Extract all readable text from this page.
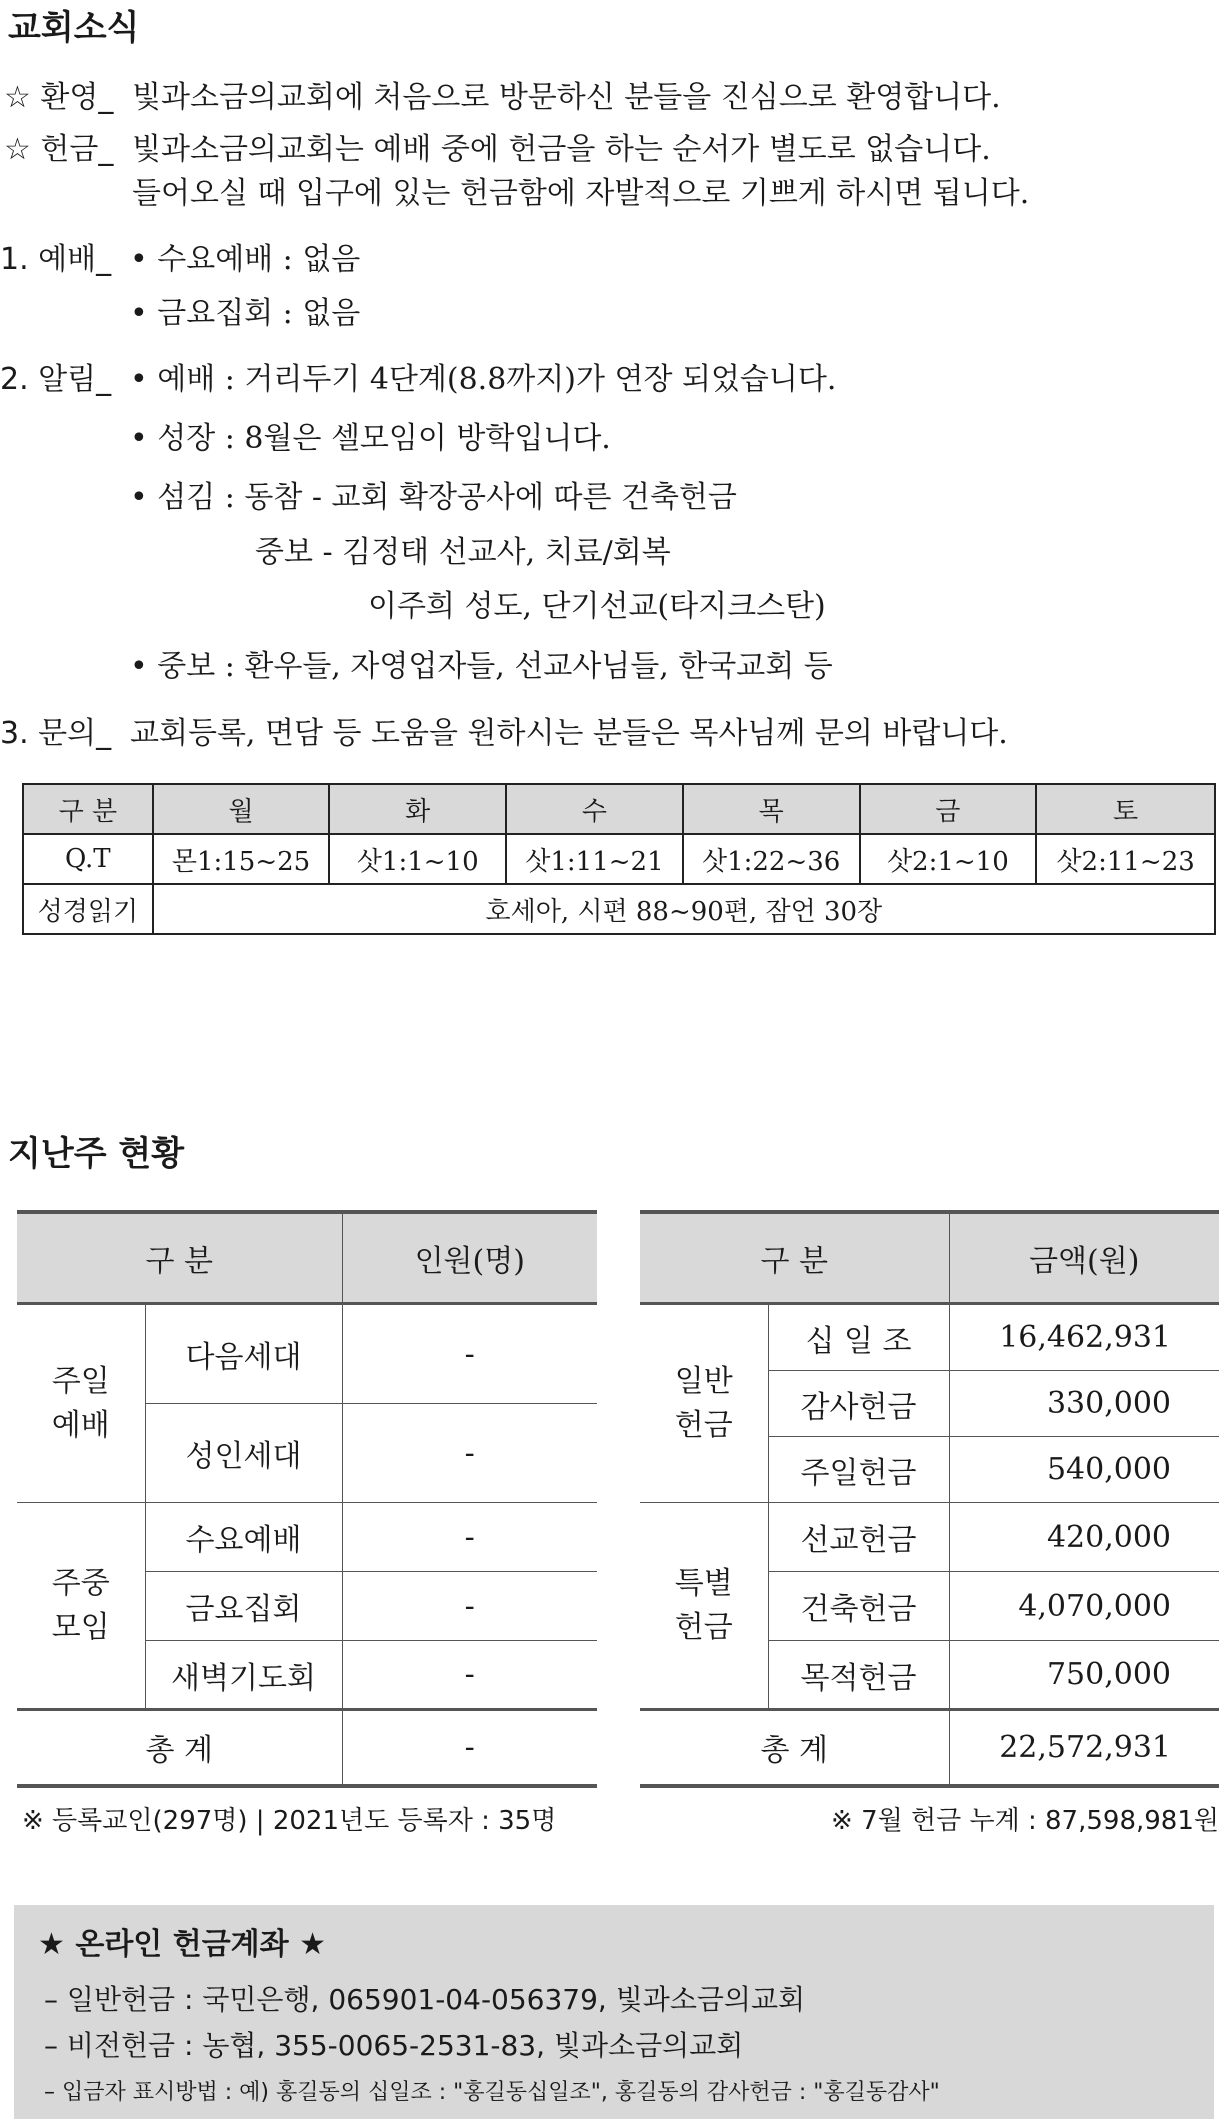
교회소식
☆ 환영_ 빛과소금의교회에 처음으로 방문하신 분들을 진심으로 환영합니다.
☆ 헌금_ 빛과소금의교회는 예배 중에 헌금을 하는 순서가 별도로 없습니다.
들어오실 때 입구에 있는 헌금함에 자발적으로 기쁘게 하시면 됩니다.
1. 예배_ • 수요예배 : 없음
• 금요집회 : 없음
2. 알림_ • 예배 : 거리두기 4단계(8.8까지)가 연장 되었습니다.
• 성장 : 8월은 셀모임이 방학입니다.
• 섬김 : 동참 - 교회 확장공사에 따른 건축헌금
중보 - 김정태 선교사, 치료/회복
이주희 성도, 단기선교(타지크스탄)
• 중보 : 환우들, 자영업자들, 선교사님들, 한국교회 등
3. 문의_ 교회등록, 면담 등 도움을 원하시는 분들은 목사님께 문의 바랍니다.
구 분	월	화	수	목	금	토
Q.T	몬1:15~25	삿1:1~10	삿1:11~21	삿1:22~36	삿2:1~10	삿2:11~23
성경읽기	호세아, 시편 88~90편, 잠언 30장					
지난주 현황
구 분		인원(명)
주일
예배	다음세대	-
	성인세대	-
주중
모임	수요예배	-
	금요집회	-
	새벽기도회	-
총 계		-
구 분		금액(원)
일반
헌금	십 일 조	16,462,931
	감사헌금	330,000
	주일헌금	540,000
특별
헌금	선교헌금	420,000
	건축헌금	4,070,000
	목적헌금	750,000
총 계		22,572,931
※ 등록교인(297명) | 2021년도 등록자 : 35명	※ 7월 헌금 누계 : 87,598,981원
★ 온라인 헌금계좌 ★
– 일반헌금 : 국민은행, 065901-04-056379, 빛과소금의교회
– 비전헌금 : 농협, 355-0065-2531-83, 빛과소금의교회
– 입금자 표시방법 : 예) 홍길동의 십일조 : "홍길동십일조", 홍길동의 감사헌금 : "홍길동감사"
